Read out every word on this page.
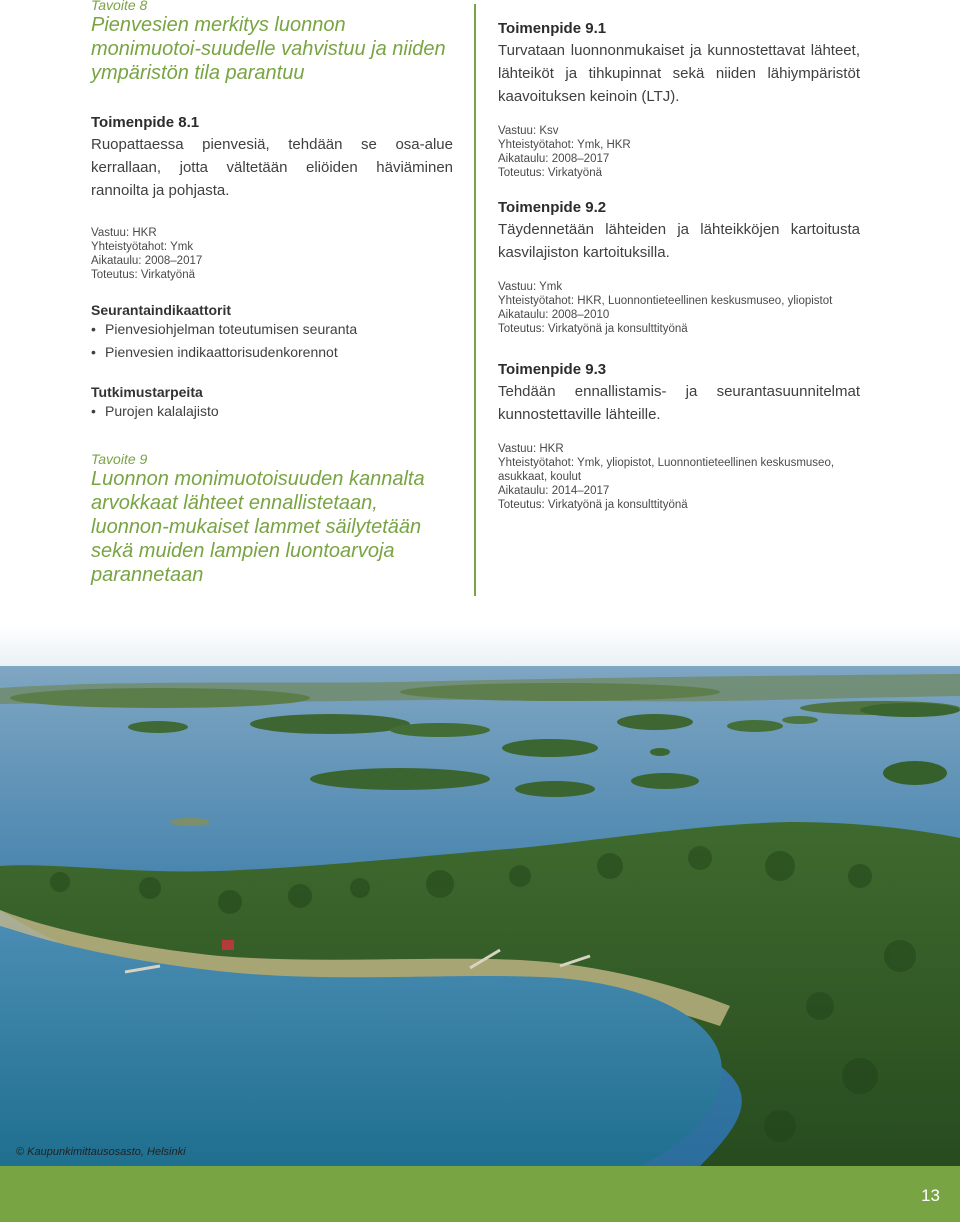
Tavoite 8

Pienvesien merkitys luonnon monimuotoi-suudelle vahvistuu ja niiden ympäristön tila parantuu

Toimenpide 8.1

Ruopattaessa pienvesiä, tehdään se osa-alue kerrallaan, jotta vältetään eliöiden häviäminen rannoilta ja pohjasta.

Vastuu: HKR

Yhteistyötahot: Ymk

Aikataulu: 2008–2017

Toteutus: Virkatyönä

Seurantaindikaattorit

• Pienvesiohjelman toteutumisen seuranta
• Pienvesien indikaattorisudenkorennot

Tutkimustarpeita

• Purojen kalalajisto

Tavoite 9

Luonnon monimuotoisuuden kannalta arvokkaat lähteet ennallistetaan, luonnon-mukaiset lammet säilytetään sekä muiden lampien luontoarvoja parannetaan

Toimenpide 9.1

Turvataan luonnonmukaiset ja kunnostettavat lähteet, lähteiköt ja tihkupinnat sekä niiden lähiympäristöt kaavoituksen keinoin (LTJ).

Vastuu: Ksv

Yhteistyötahot: Ymk, HKR

Aikataulu: 2008–2017

Toteutus: Virkatyönä

Toimenpide 9.2

Täydennetään lähteiden ja lähteikköjen kartoitusta kasvilajiston kartoituksilla.

Vastuu: Ymk

Yhteistyötahot: HKR, Luonnontieteellinen keskusmuseo, yliopistot

Aikataulu: 2008–2010

Toteutus: Virkatyönä ja konsulttityönä

Toimenpide 9.3

Tehdään ennallistamis- ja seurantasuunnitelmat kunnostettaville lähteille.

Vastuu: HKR

Yhteistyötahot: Ymk, yliopistot, Luonnontieteellinen keskusmuseo, asukkaat, koulut

Aikataulu: 2014–2017

Toteutus: Virkatyönä ja konsulttityönä

© Kaupunkimittausosasto, Helsinki
13
